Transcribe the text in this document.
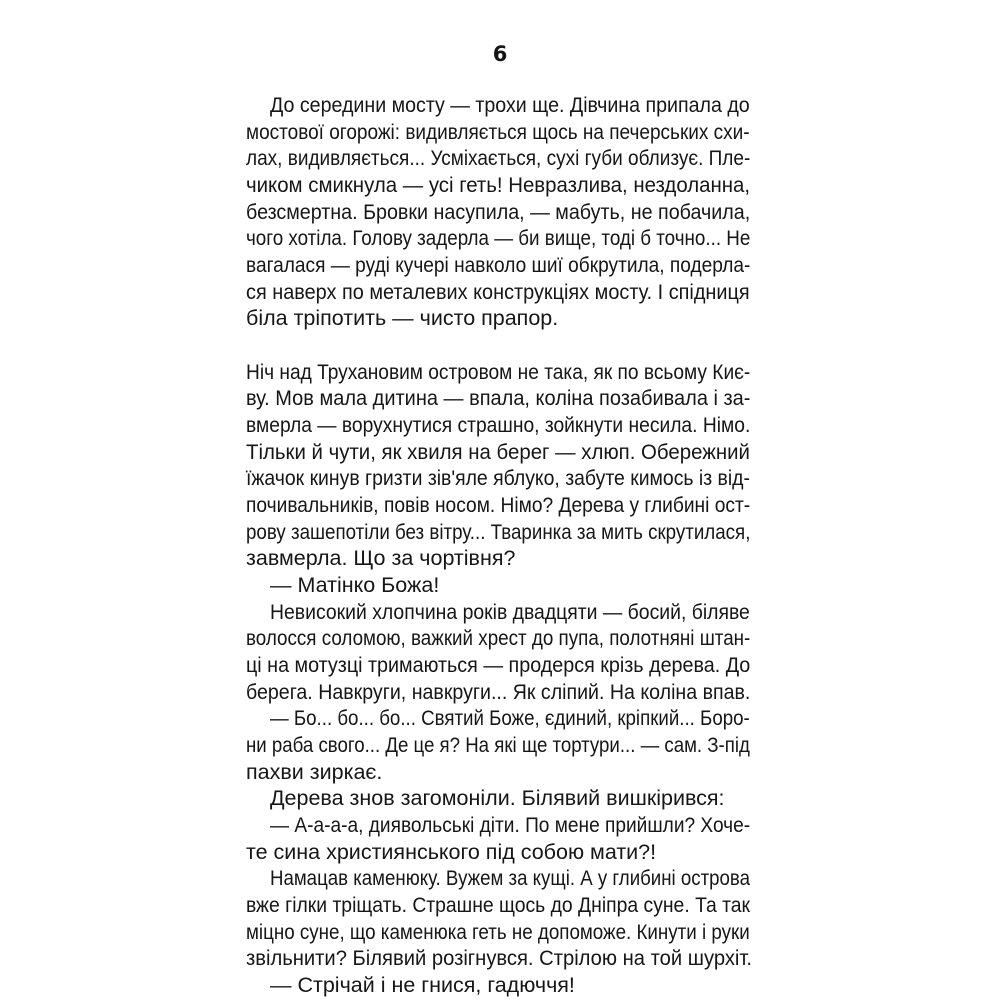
6
До середини мосту — трохи ще. Дівчина припала до
мостової огорожі: видивляється щось на печерських схи-
лах, видивляється... Усміхається, сухі губи облизує. Пле-
чиком смикнула — усі геть! Невразлива, нездоланна,
безсмертна. Бровки насупила, — мабуть, не побачила,
чого хотіла. Голову задерла — би вище, тоді б точно... Не
вагалася — руді кучері навколо шиї обкрутила, подерла-
ся наверх по металевих конструкціях мосту. І спідниця
біла тріпотить — чисто прапор.
Ніч над Трухановим островом не така, як по всьому Киє-
ву. Мов мала дитина — впала, коліна позабивала і за-
вмерла — ворухнутися страшно, зойкнути несила. Німо.
Тільки й чути, як хвиля на берег — хлюп. Обережний
їжачок кинув гризти зів'яле яблуко, забуте кимось із від-
почивальників, повів носом. Німо? Дерева у глибині ост-
рову зашепотіли без вітру... Тваринка за мить скрутилася,
завмерла. Що за чортівня?
— Матінко Божа!
Невисокий хлопчина років двадцяти — босий, біляве
волосся соломою, важкий хрест до пупа, полотняні штан-
ці на мотузці тримаються — продерся крізь дерева. До
берега. Навкруги, навкруги... Як сліпий. На коліна впав.
— Бо... бо... бо... Святий Боже, єдиний, кріпкий... Боро-
ни раба свого... Де це я? На які ще тортури... — сам. З-під
пахви зиркає.
Дерева знов загомоніли. Білявий вишкірився:
— А-а-а-а, диявольські діти. По мене прийшли? Хоче-
те сина християнського під собою мати?!
Намацав каменюку. Вужем за кущі. А у глибині острова
вже гілки тріщать. Страшне щось до Дніпра суне. Та так
міцно суне, що каменюка геть не допоможе. Кинути і руки
звільнити? Білявий розігнувся. Стрілою на той шурхіт.
— Стрічай і не гнися, гадюччя!
